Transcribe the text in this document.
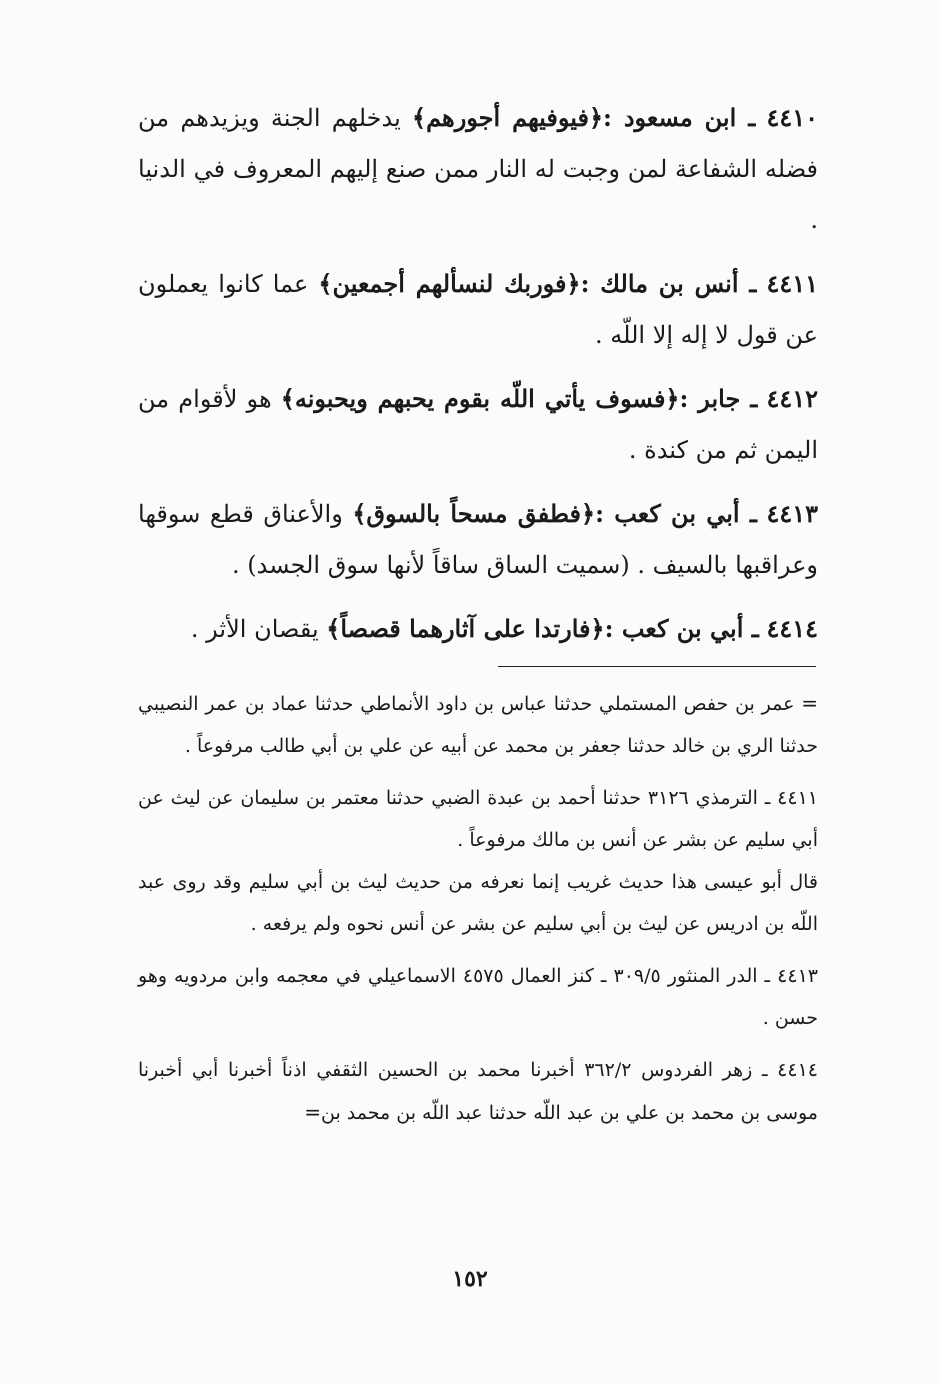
٤٤١٠ ـ ابن مسعود :﴿فيوفيهم أجورهم﴾ يدخلهم الجنة ويزيدهم من فضله الشفاعة لمن وجبت له النار ممن صنع إليهم المعروف في الدنيا .

٤٤١١ ـ أنس بن مالك :﴿فوربك لنسألهم أجمعين﴾ عما كانوا يعملون عن قول لا إله إلا اللّه .

٤٤١٢ ـ جابر :﴿فسوف يأتي اللّه بقوم يحبهم ويحبونه﴾ هو لأقوام من اليمن ثم من كندة .

٤٤١٣ ـ أبي بن كعب :﴿فطفق مسحاً بالسوق﴾ والأعناق قطع سوقها وعراقبها بالسيف . (سميت الساق ساقاً لأنها سوق الجسد) .

٤٤١٤ ـ أبي بن كعب :﴿فارتدا على آثارهما قصصاً﴾ يقصان الأثر .

= عمر بن حفص المستملي حدثنا عباس بن داود الأنماطي حدثنا عماد بن عمر النصيبي حدثنا الري بن خالد حدثنا جعفر بن محمد عن أبيه عن علي بن أبي طالب مرفوعاً .

٤٤١١ ـ الترمذي ٣١٢٦ حدثنا أحمد بن عبدة الضبي حدثنا معتمر بن سليمان عن ليث عن أبي سليم عن بشر عن أنس بن مالك مرفوعاً .

قال أبو عيسى هذا حديث غريب إنما نعرفه من حديث ليث بن أبي سليم وقد روى عبد اللّه بن ادريس عن ليث بن أبي سليم عن بشر عن أنس نحوه ولم يرفعه .

٤٤١٣ ـ الدر المنثور ٣٠٩/٥ ـ كنز العمال ٤٥٧٥ الاسماعيلي في معجمه وابن مردويه وهو حسن .

٤٤١٤ ـ زهر الفردوس ٣٦٢/٢ أخبرنا محمد بن الحسين الثقفي اذناً أخبرنا أبي أخبرنا موسى بن محمد بن علي بن عبد اللّه حدثنا عبد اللّه بن محمد بن=

١٥٢
